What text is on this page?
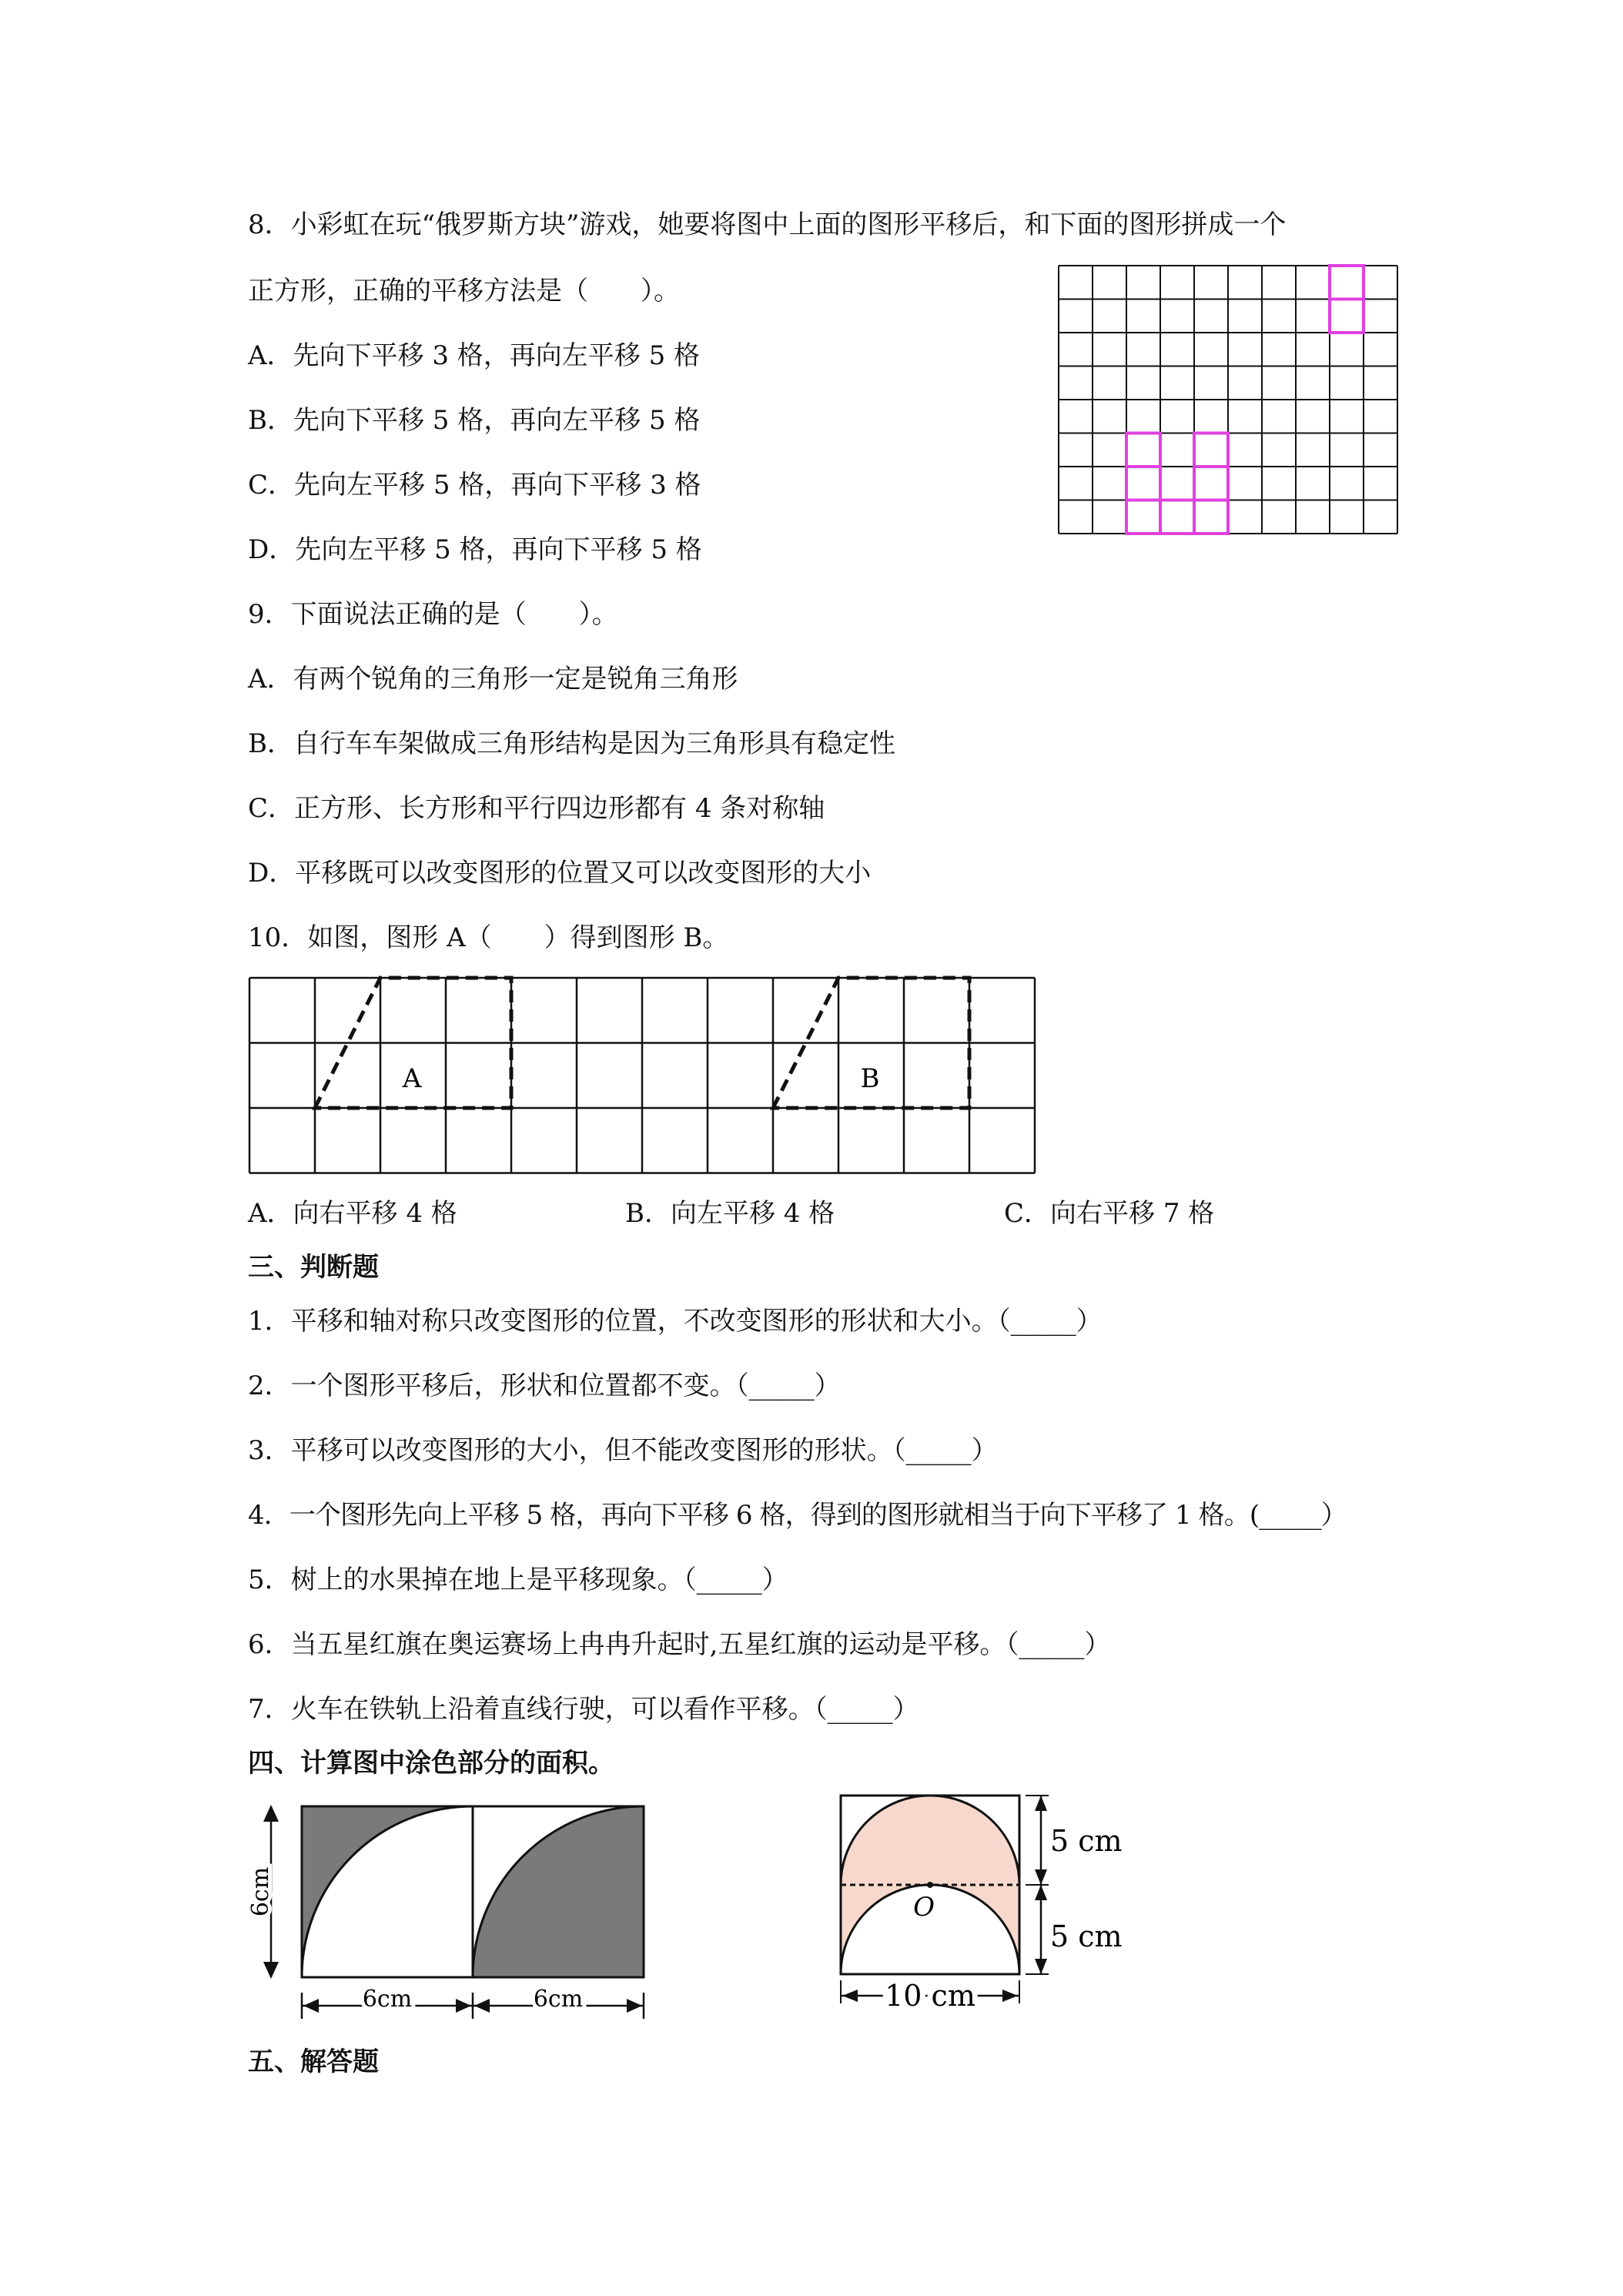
8．小彩虹在玩“俄罗斯方块”游戏，她要将图中上面的图形平移后，和下面的图形拼成一个
正方形，正确的平移方法是（　　）。
A．先向下平移 3 格，再向左平移 5 格
B．先向下平移 5 格，再向左平移 5 格
C．先向左平移 5 格，再向下平移 3 格
D．先向左平移 5 格，再向下平移 5 格
9．下面说法正确的是（　　）。
A．有两个锐角的三角形一定是锐角三角形
B．自行车车架做成三角形结构是因为三角形具有稳定性
C．正方形、长方形和平行四边形都有 4 条对称轴
D．平移既可以改变图形的位置又可以改变图形的大小
10．如图，图形 A（　　）得到图形 B。
A	B
A．向右平移 4 格	B．向左平移 4 格	C．向右平移 7 格
三、判断题
1．平移和轴对称只改变图形的位置，不改变图形的形状和大小。（_____）
2．一个图形平移后，形状和位置都不变。（_____）
3．平移可以改变图形的大小，但不能改变图形的形状。（_____）
4．一个图形先向上平移 5 格，再向下平移 6 格，得到的图形就相当于向下平移了 1 格。(_____）
5．树上的水果掉在地上是平移现象。（_____）
6．当五星红旗在奥运赛场上冉冉升起时,五星红旗的运动是平移。（_____）
7．火车在铁轨上沿着直线行驶，可以看作平移。（_____）
四、计算图中涂色部分的面积。
6cm
6cm	6cm
O
5 cm
5 cm
10 cm
五、解答题
